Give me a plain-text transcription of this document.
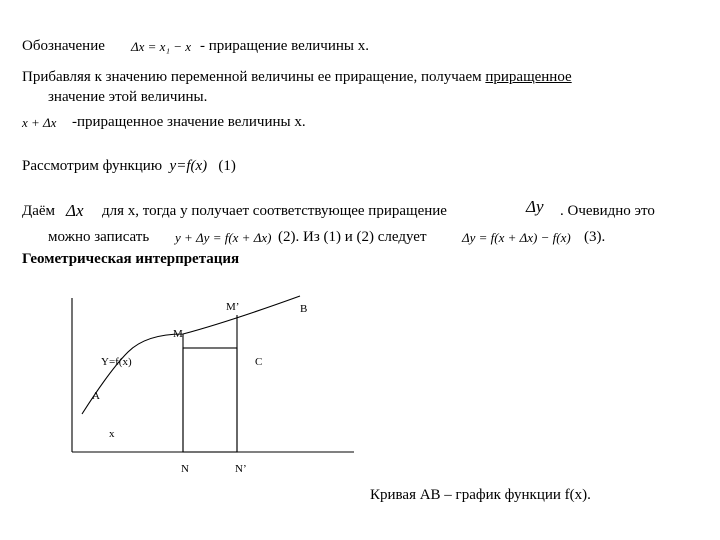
Обозначение Δx = x₁ − x - приращение величины x.
Прибавляя к значению переменной величины ее приращение, получаем приращенное
значение этой величины.
x + Δx -приращенное значение величины x.
Рассмотрим функцию y=f(x) (1)
Даём Δx для x, тогда y получает соответствующее приращение	Δy . Очевидно это
можно записать y + Δy = f(x + Δx) (2). Из (1) и (2) следует	Δy = f(x + Δx) − f(x) (3).
Геометрическая интерпретация
M’	B
M
C
Y=f(x)
A
x
N	N’
Кривая АВ – график функции f(x).
